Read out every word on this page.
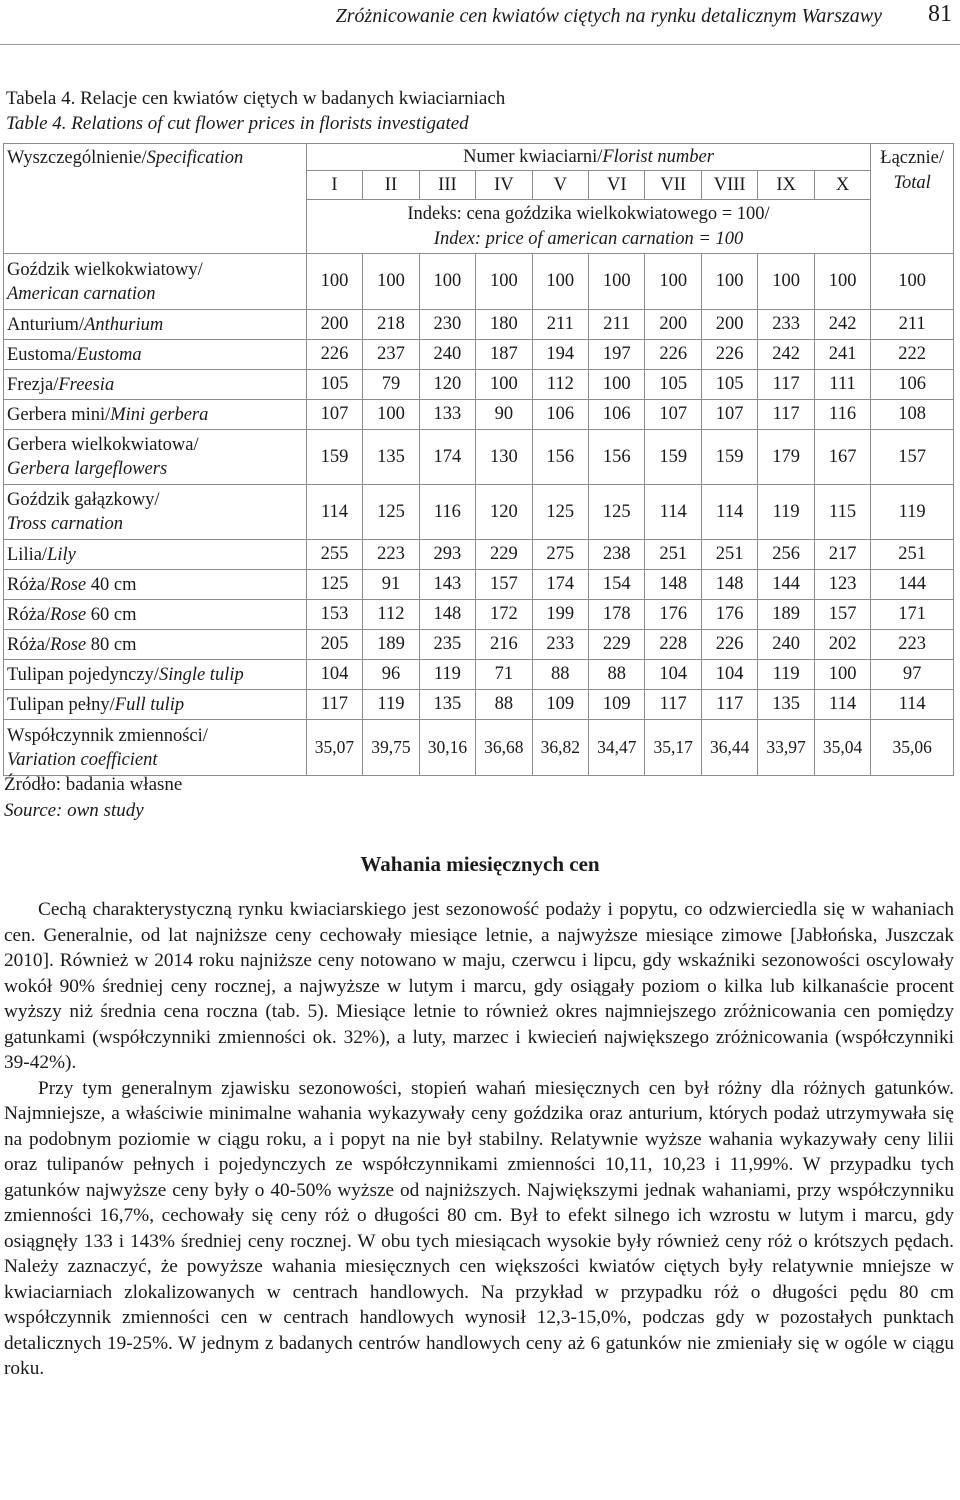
Zróżnicowanie cen kwiatów ciętych na rynku detalicznym Warszawy 81
Tabela 4. Relacje cen kwiatów ciętych w badanych kwiaciarniach
Table 4. Relations of cut flower prices in florists investigated
Wyszczególnienie/Specification	Numer kwiaciarni/Florist number										Łącznie/
Total

	I	II	III	IV	V	VI	VII	VIII	IX	X	

	Indeks: cena goździka wielkokwiatowego = 100/
Index: price of american carnation = 100										

Goździk wielkokwiatowy/
American carnation	100	100	100	100	100	100	100	100	100	100	100
Anturium/Anthurium	200	218	230	180	211	211	200	200	233	242	211
Eustoma/Eustoma	226	237	240	187	194	197	226	226	242	241	222
Frezja/Freesia	105	79	120	100	112	100	105	105	117	111	106
Gerbera mini/Mini gerbera	107	100	133	90	106	106	107	107	117	116	108
Gerbera wielkokwiatowa/
Gerbera largeflowers	159	135	174	130	156	156	159	159	179	167	157
Goździk gałązkowy/
Tross carnation	114	125	116	120	125	125	114	114	119	115	119
Lilia/Lily	255	223	293	229	275	238	251	251	256	217	251
Róża/Rose 40 cm	125	91	143	157	174	154	148	148	144	123	144
Róża/Rose 60 cm	153	112	148	172	199	178	176	176	189	157	171
Róża/Rose 80 cm	205	189	235	216	233	229	228	226	240	202	223
Tulipan pojedynczy/Single tulip	104	96	119	71	88	88	104	104	119	100	97
Tulipan pełny/Full tulip	117	119	135	88	109	109	117	117	135	114	114
Współczynnik zmienności/
Variation coefficient	35,07	39,75	30,16	36,68	36,82	34,47	35,17	36,44	33,97	35,04	35,06
Źródło: badania własne
Source: own study
Wahania miesięcznych cen

Cechą charakterystyczną rynku kwiaciarskiego jest sezonowość podaży i popytu, co odzwierciedla się w wahaniach cen. Generalnie, od lat najniższe ceny cechowały miesiące letnie, a najwyższe miesiące zimowe [Jabłońska, Juszczak 2010]. Również w 2014 roku najniższe ceny notowano w maju, czerwcu i lipcu, gdy wskaźniki sezonowości oscylowały wokół 90% średniej ceny rocznej, a najwyższe w lutym i marcu, gdy osiągały poziom o kilka lub kilkanaście procent wyższy niż średnia cena roczna (tab. 5). Miesiące letnie to również okres najmniejszego zróżnicowania cen pomiędzy gatunkami (współczynniki zmienności ok. 32%), a luty, marzec i kwiecień największego zróżnicowania (współczynniki 39-42%).

Przy tym generalnym zjawisku sezonowości, stopień wahań miesięcznych cen był różny dla różnych gatunków. Najmniejsze, a właściwie minimalne wahania wykazywały ceny goździka oraz anturium, których podaż utrzymywała się na podobnym poziomie w ciągu roku, a i popyt na nie był stabilny. Relatywnie wyższe wahania wykazywały ceny lilii oraz tulipanów pełnych i pojedynczych ze współczynnikami zmienności 10,11, 10,23 i 11,99%. W przypadku tych gatunków najwyższe ceny były o 40-50% wyższe od najniższych. Największymi jednak wahaniami, przy współczynniku zmienności 16,7%, cechowały się ceny róż o długości 80 cm. Był to efekt silnego ich wzrostu w lutym i marcu, gdy osiągnęły 133 i 143% średniej ceny rocznej. W obu tych miesiącach wysokie były również ceny róż o krótszych pędach. Należy zaznaczyć, że powyższe wahania miesięcznych cen większości kwiatów ciętych były relatywnie mniejsze w kwiaciarniach zlokalizowanych w centrach handlowych. Na przykład w przypadku róż o długości pędu 80 cm współczynnik zmienności cen w centrach handlowych wynosił 12,3-15,0%, podczas gdy w pozostałych punktach detalicznych 19-25%. W jednym z badanych centrów handlowych ceny aż 6 gatunków nie zmieniały się w ogóle w ciągu roku.
